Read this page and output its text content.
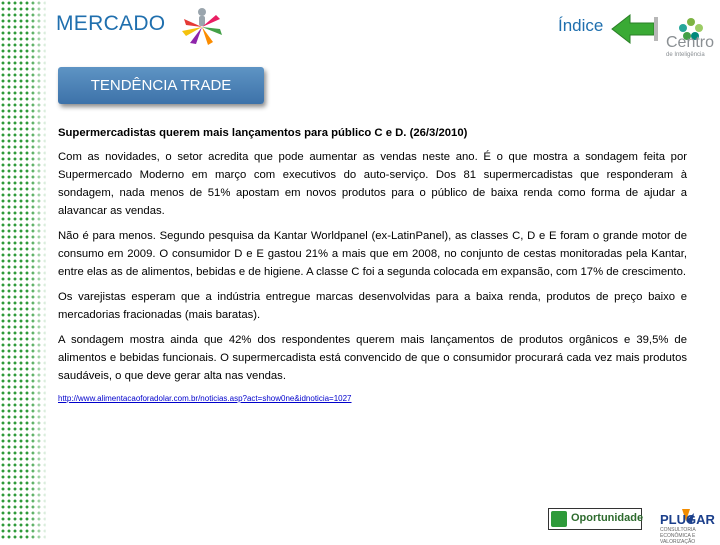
MERCADO	Índice
Centro
de Inteligência
TENDÊNCIA TRADE
Supermercadistas querem mais lançamentos para público C e D. (26/3/2010)

Com as novidades, o setor acredita que pode aumentar as vendas neste ano. É o que mostra a sondagem feita por Supermercado Moderno em março com executivos do auto-serviço. Dos 81 supermercadistas que responderam à sondagem, nada menos de 51% apostam em novos produtos para o público de baixa renda como forma de ajudar a alavancar as vendas.

Não é para menos. Segundo pesquisa da Kantar Worldpanel (ex-LatinPanel), as classes C, D e E foram o grande motor de consumo em 2009. O consumidor D e E gastou 21% a mais que em 2008, no conjunto de cestas monitoradas pela Kantar, entre elas as de alimentos, bebidas e de higiene. A classe C foi a segunda colocada em expansão, com 17% de crescimento.

Os varejistas esperam que a indústria entregue marcas desenvolvidas para a baixa renda, produtos de preço baixo e mercadorias fracionadas (mais baratas).

A sondagem mostra ainda que 42% dos respondentes querem mais lançamentos de produtos orgânicos e 39,5% de alimentos e bebidas funcionais. O supermercadista está convencido de que o consumidor procurará cada vez mais produtos saudáveis, o que deve gerar alta nas vendas.

http://www.alimentacaoforadolar.com.br/noticias.asp?act=show0ne&idnoticia=1027
Oportunidade PLUGAR
CONSULTORIA ECONÔMICA E VALORIZAÇÃO
